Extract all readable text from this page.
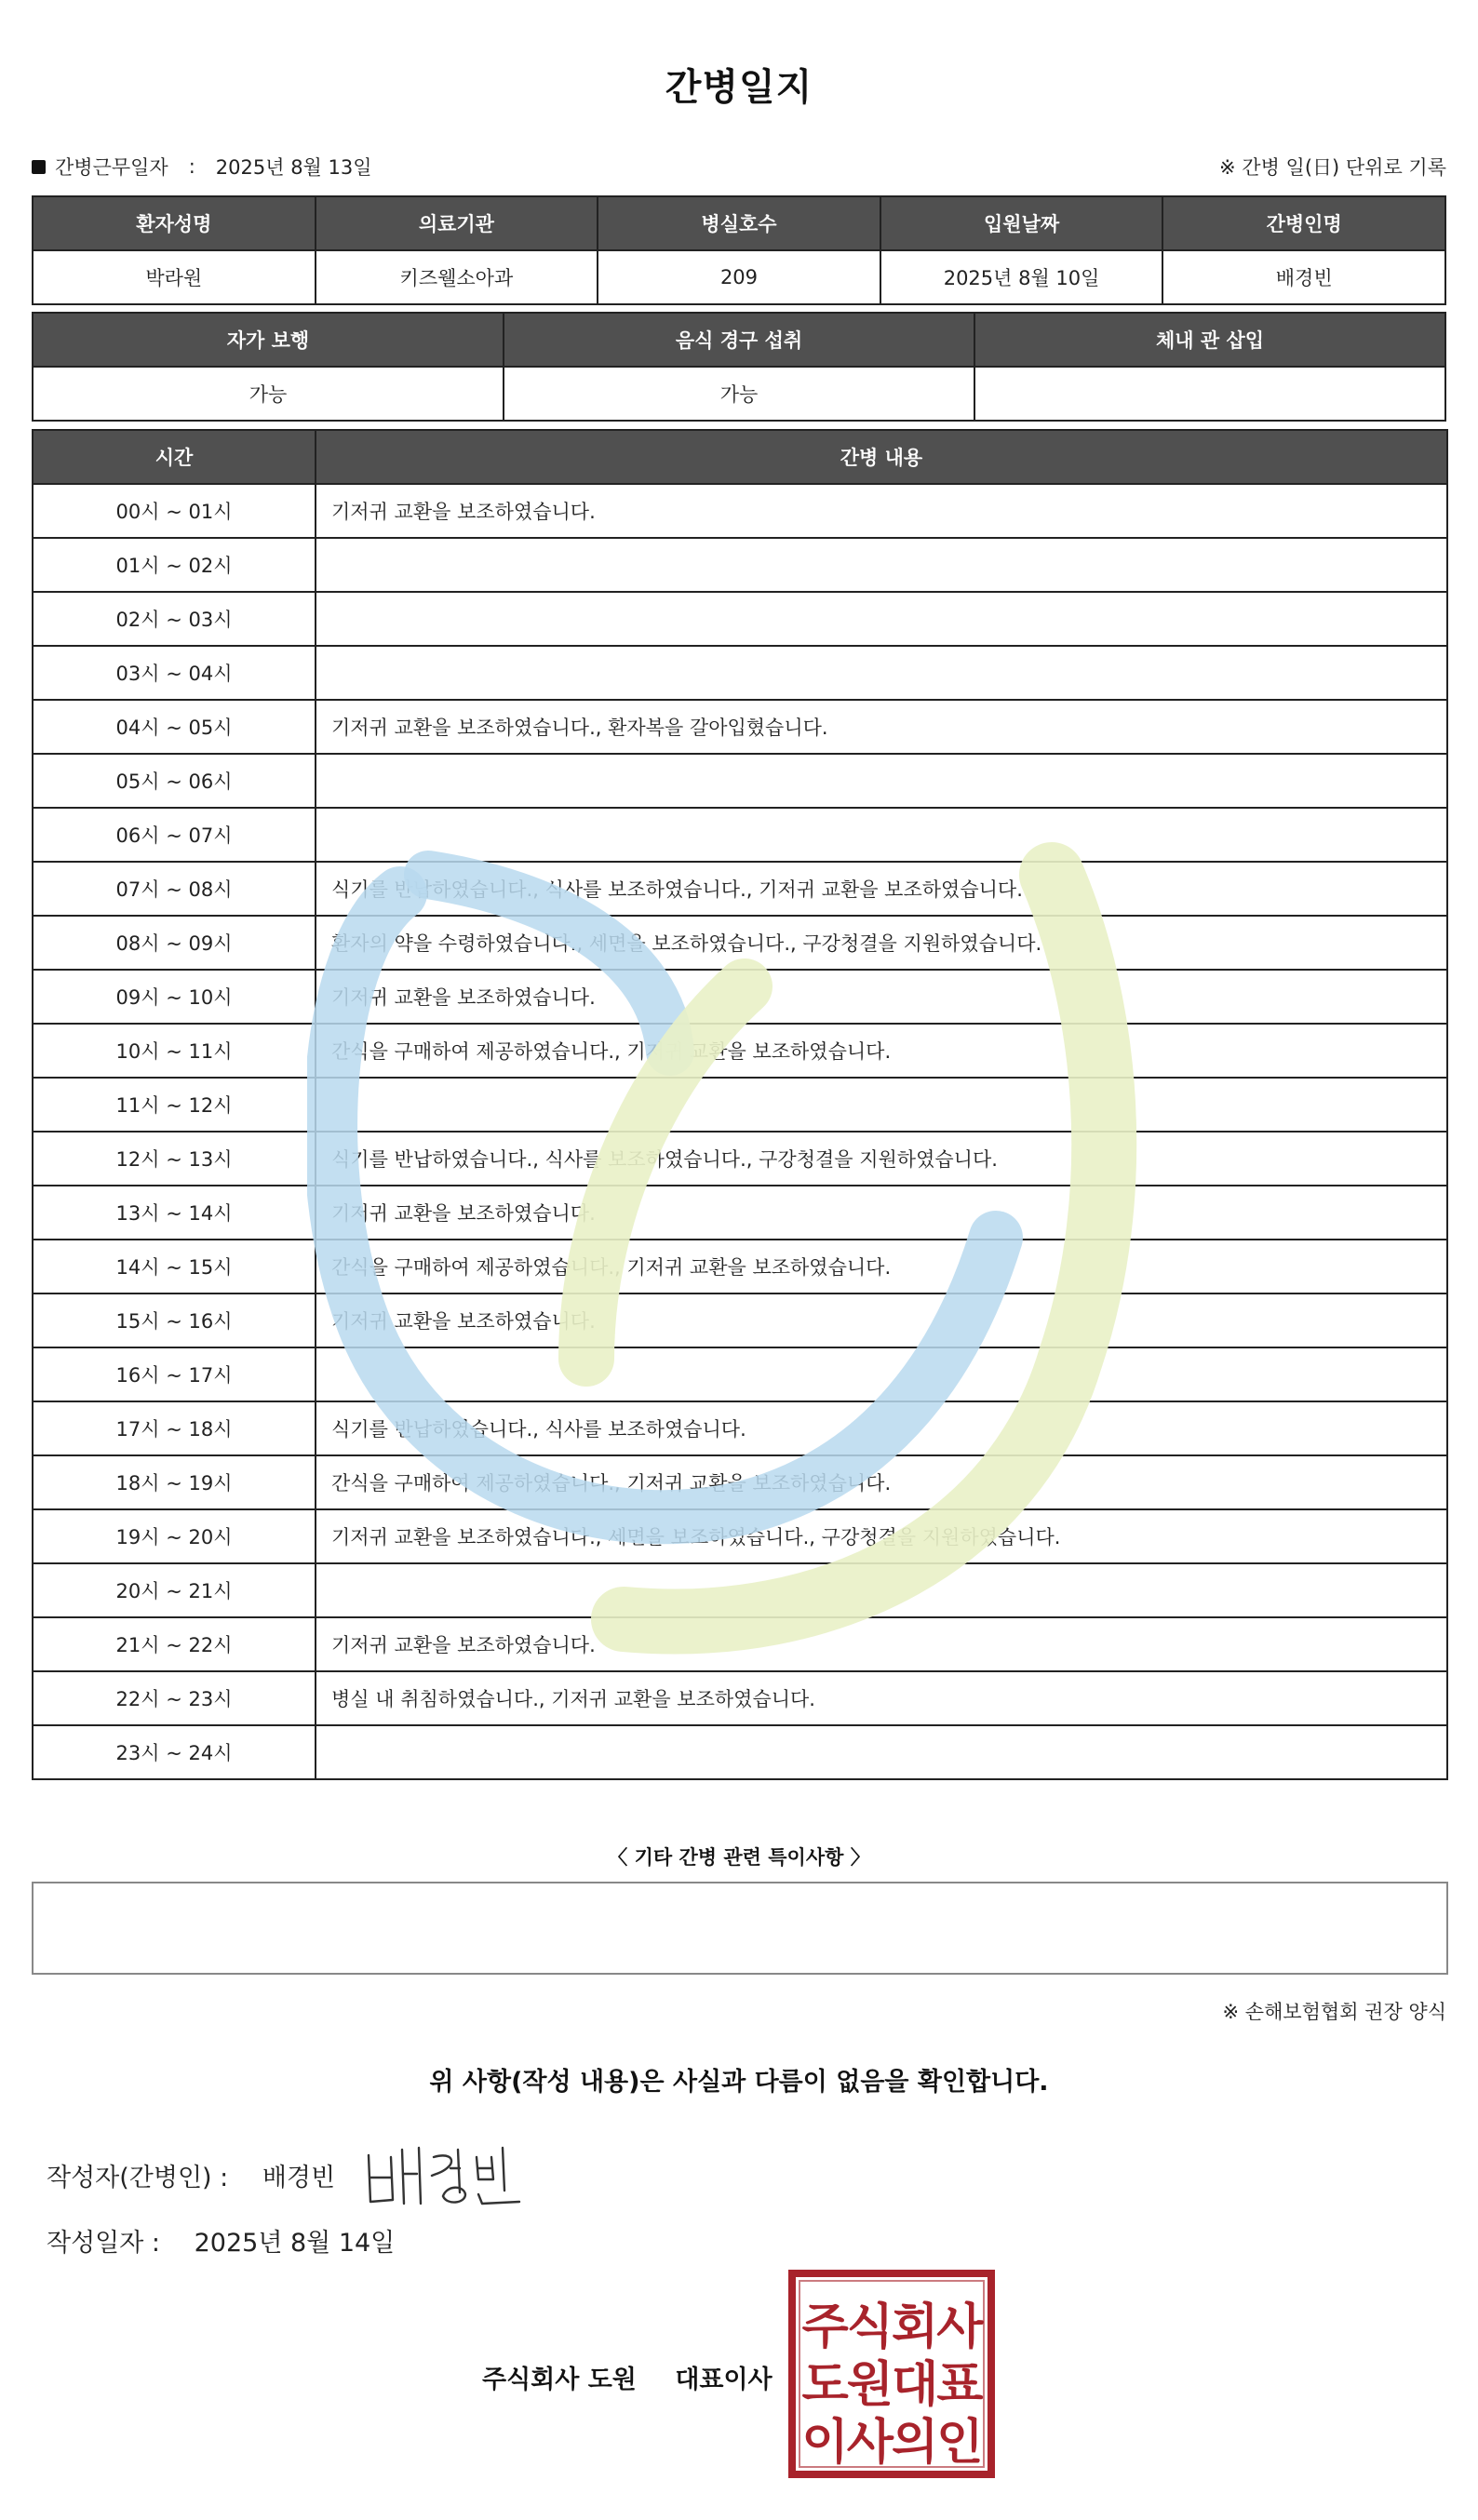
간병일지
간병근무일자 : 2025년 8월 13일	※ 간병 일(日) 단위로 기록
환자성명	의료기관	병실호수	입원날짜	간병인명
박라원	키즈웰소아과	209	2025년 8월 10일	배경빈
자가 보행	음식 경구 섭취	체내 관 삽입
가능	가능	
시간	간병 내용
00시 ~ 01시	기저귀 교환을 보조하였습니다.
01시 ~ 02시	
02시 ~ 03시	
03시 ~ 04시	
04시 ~ 05시	기저귀 교환을 보조하였습니다., 환자복을 갈아입혔습니다.
05시 ~ 06시	
06시 ~ 07시	
07시 ~ 08시	식기를 반납하였습니다., 식사를 보조하였습니다., 기저귀 교환을 보조하였습니다.
08시 ~ 09시	환자의 약을 수령하였습니다., 세면을 보조하였습니다., 구강청결을 지원하였습니다.
09시 ~ 10시	기저귀 교환을 보조하였습니다.
10시 ~ 11시	간식을 구매하여 제공하였습니다., 기저귀 교환을 보조하였습니다.
11시 ~ 12시	
12시 ~ 13시	식기를 반납하였습니다., 식사를 보조하였습니다., 구강청결을 지원하였습니다.
13시 ~ 14시	기저귀 교환을 보조하였습니다.
14시 ~ 15시	간식을 구매하여 제공하였습니다., 기저귀 교환을 보조하였습니다.
15시 ~ 16시	기저귀 교환을 보조하였습니다.
16시 ~ 17시	
17시 ~ 18시	식기를 반납하였습니다., 식사를 보조하였습니다.
18시 ~ 19시	간식을 구매하여 제공하였습니다., 기저귀 교환을 보조하였습니다.
19시 ~ 20시	기저귀 교환을 보조하였습니다., 세면을 보조하였습니다., 구강청결을 지원하였습니다.
20시 ~ 21시	
21시 ~ 22시	기저귀 교환을 보조하였습니다.
22시 ~ 23시	병실 내 취침하였습니다., 기저귀 교환을 보조하였습니다.
23시 ~ 24시	
〈 기타 간병 관련 특이사항 〉
※ 손해보험협회 권장 양식
위 사항(작성 내용)은 사실과 다름이 없음을 확인합니다.
작성자(간병인) : 배경빈
작성일자 : 2025년 8월 14일
주식회사 도원 대표이사
주식회사
도원대표
이사의인
